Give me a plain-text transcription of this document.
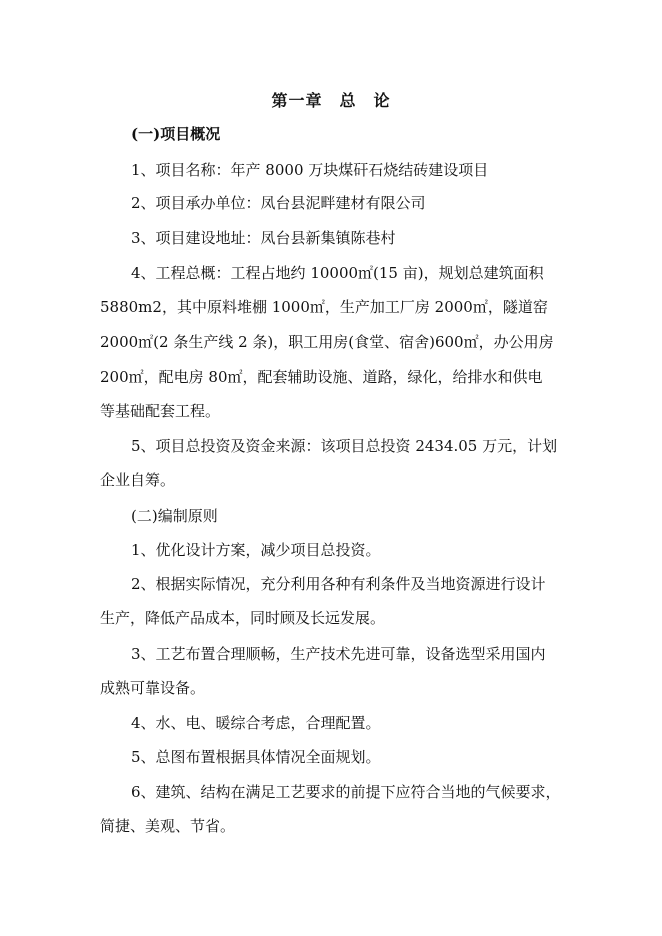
第一章　总　论
(一)项目概况
1、项目名称：年产 8000 万块煤矸石烧结砖建设项目
2、项目承办单位：凤台县泥畔建材有限公司
3、项目建设地址：凤台县新集镇陈巷村
4、工程总概：工程占地约 10000㎡(15 亩)，规划总建筑面积
5880m2，其中原料堆棚 1000㎡，生产加工厂房 2000㎡，隧道窑
2000㎡(2 条生产线 2 条)，职工用房(食堂、宿舍)600㎡，办公用房
200㎡，配电房 80㎡，配套辅助设施、道路，绿化，给排水和供电
等基础配套工程。
5、项目总投资及资金来源：该项目总投资 2434.05 万元，计划
企业自筹。
(二)编制原则
1、优化设计方案，减少项目总投资。
2、根据实际情况，充分利用各种有利条件及当地资源进行设计
生产，降低产品成本，同时顾及长远发展。
3、工艺布置合理顺畅，生产技术先进可靠，设备选型采用国内
成熟可靠设备。
4、水、电、暖综合考虑，合理配置。
5、总图布置根据具体情况全面规划。
6、建筑、结构在满足工艺要求的前提下应符合当地的气候要求，
简捷、美观、节省。
